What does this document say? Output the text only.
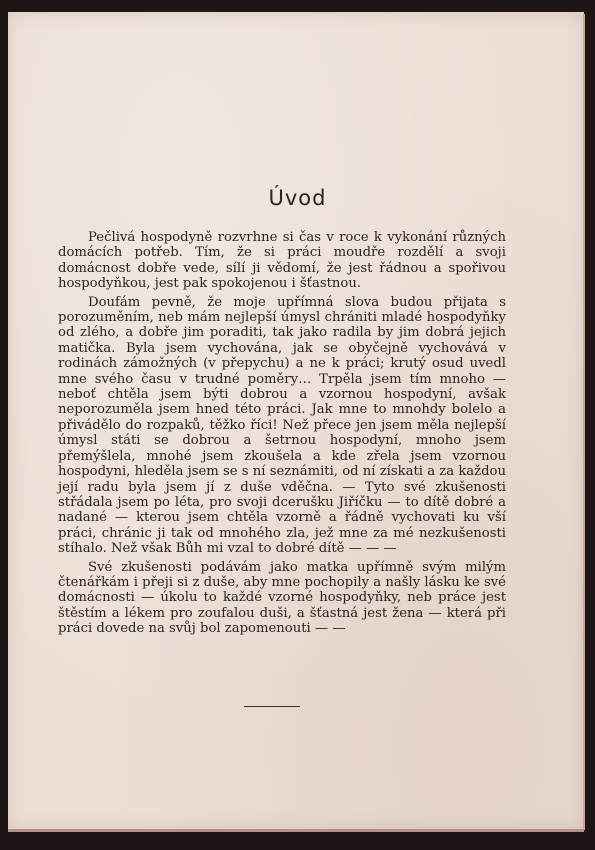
Úvod

Pečlivá hospodyně rozvrhne si čas v roce k vykonání různých domácích potřeb. Tím, že si práci moudře rozdělí a svoji domácnost dobře vede, sílí ji vědomí, že jest řádnou a spořivou hospodyňkou, jest pak spokojenou i šťastnou.

Doufám pevně, že moje upřímná slova budou přijata s porozuměním, neb mám nejlepší úmysl chrániti mladé hospodyňky od zlého, a dobře jim poraditi, tak jako radila by jim dobrá jejich matička. Byla jsem vychována, jak se obyčejně vychovává v rodinách zámožných (v přepychu) a ne k práci; krutý osud uvedl mne svého času v trudné poměry… Trpěla jsem tím mnoho — neboť chtěla jsem býti dobrou a vzornou hospodyní, avšak neporozuměla jsem hned této práci. Jak mne to mnohdy bolelo a přivádělo do rozpaků, těžko říci! Než přece jen jsem měla nejlepší úmysl státi se dobrou a šetrnou hospodyní, mnoho jsem přemýšlela, mnohé jsem zkoušela a kde zřela jsem vzornou hospodyni, hleděla jsem se s ní seznámiti, od ní získati a za každou její radu byla jsem jí z duše vděčna. — Tyto své zkušenosti střádala jsem po léta, pro svoji dcerušku Jiříčku — to dítě dobré a nadané — kterou jsem chtěla vzorně a řádně vychovati ku vší práci, chránic ji tak od mnohého zla, jež mne za mé nezkušenosti stíhalo. Než však Bůh mi vzal to dobré dítě — — —

Své zkušenosti podávám jako matka upřímně svým milým čtenářkám i přeji si z duše, aby mne pochopily a našly lásku ke své domácnosti — úkolu to každé vzorné hospodyňky, neb práce jest štěstím a lékem pro zoufalou duši, a šťastná jest žena — která při práci dovede na svůj bol zapomenouti — —
